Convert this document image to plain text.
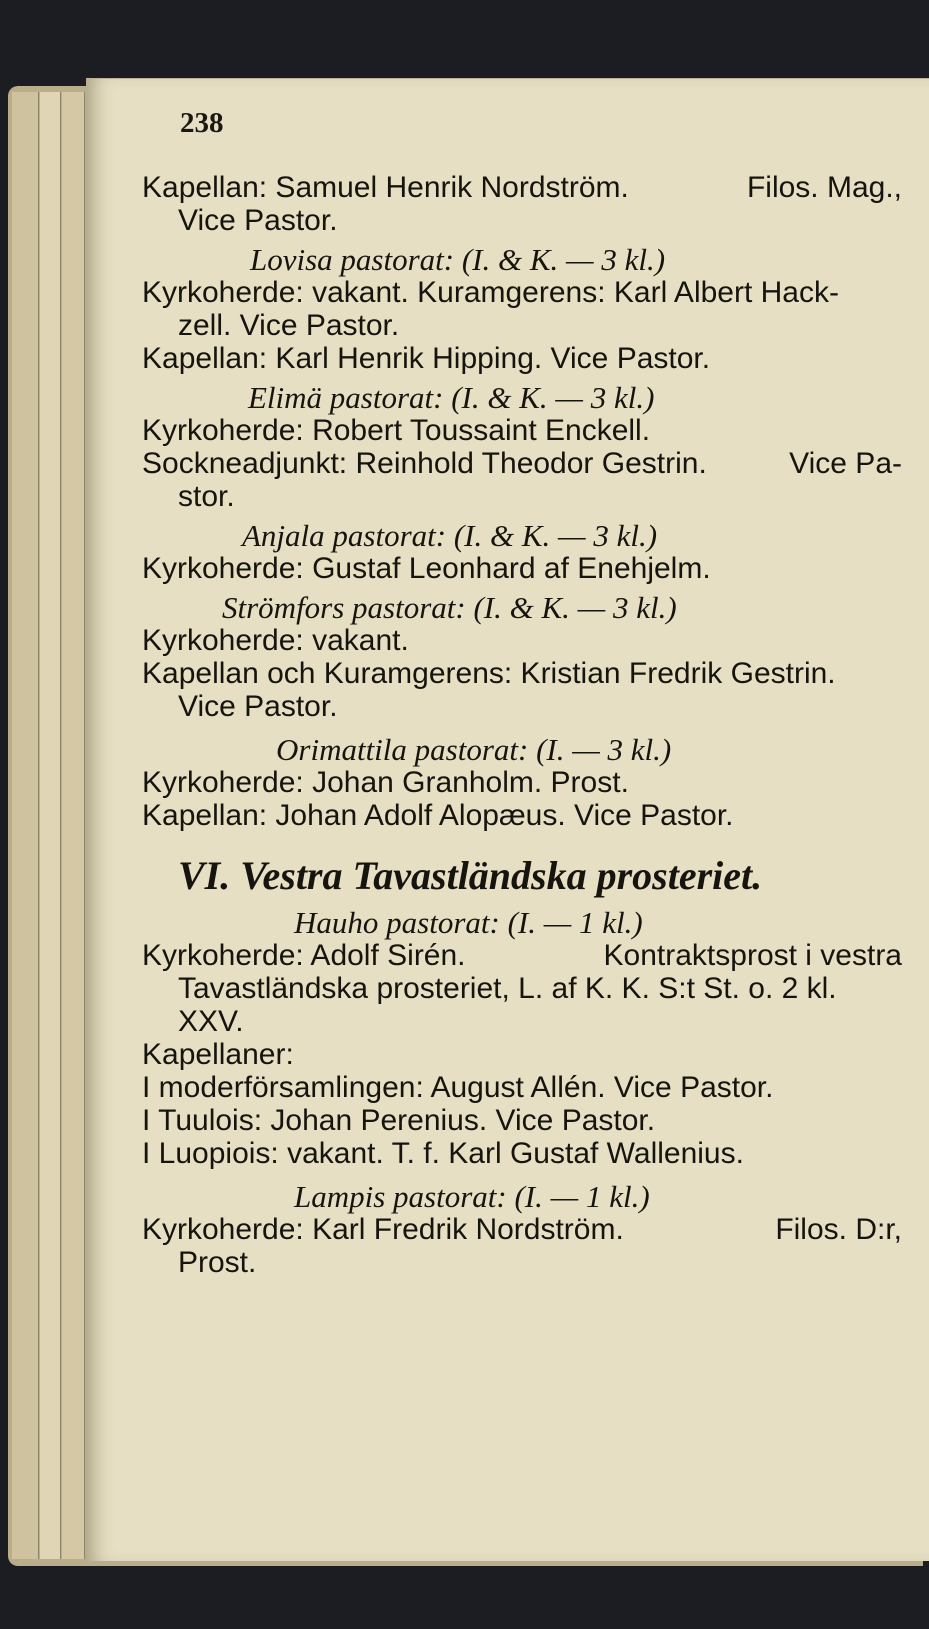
238
Kapellan: Samuel Henrik Nordström.	Filos. Mag.,
Vice Pastor.
Lovisa pastorat: (I. & K. — 3 kl.)
Kyrkoherde: vakant. Kuramgerens: Karl Albert Hack-
zell. Vice Pastor.
Kapellan: Karl Henrik Hipping. Vice Pastor.
Elimä pastorat: (I. & K. — 3 kl.)
Kyrkoherde: Robert Toussaint Enckell.
Sockneadjunkt: Reinhold Theodor Gestrin.	Vice Pa-
stor.
Anjala pastorat: (I. & K. — 3 kl.)
Kyrkoherde: Gustaf Leonhard af Enehjelm.
Strömfors pastorat: (I. & K. — 3 kl.)
Kyrkoherde: vakant.
Kapellan och Kuramgerens: Kristian Fredrik Gestrin.
Vice Pastor.
Orimattila pastorat: (I. — 3 kl.)
Kyrkoherde: Johan Granholm. Prost.
Kapellan: Johan Adolf Alopæus. Vice Pastor.
VI. Vestra Tavastländska prosteriet.
Hauho pastorat: (I. — 1 kl.)
Kyrkoherde: Adolf Sirén.	Kontraktsprost i vestra
Tavastländska prosteriet, L. af K. K. S:t St. o. 2 kl.
XXV.
Kapellaner:
I moderförsamlingen: August Allén. Vice Pastor.
I Tuulois: Johan Perenius. Vice Pastor.
I Luopiois: vakant. T. f. Karl Gustaf Wallenius.
Lampis pastorat: (I. — 1 kl.)
Kyrkoherde: Karl Fredrik Nordström.	Filos. D:r,
Prost.
